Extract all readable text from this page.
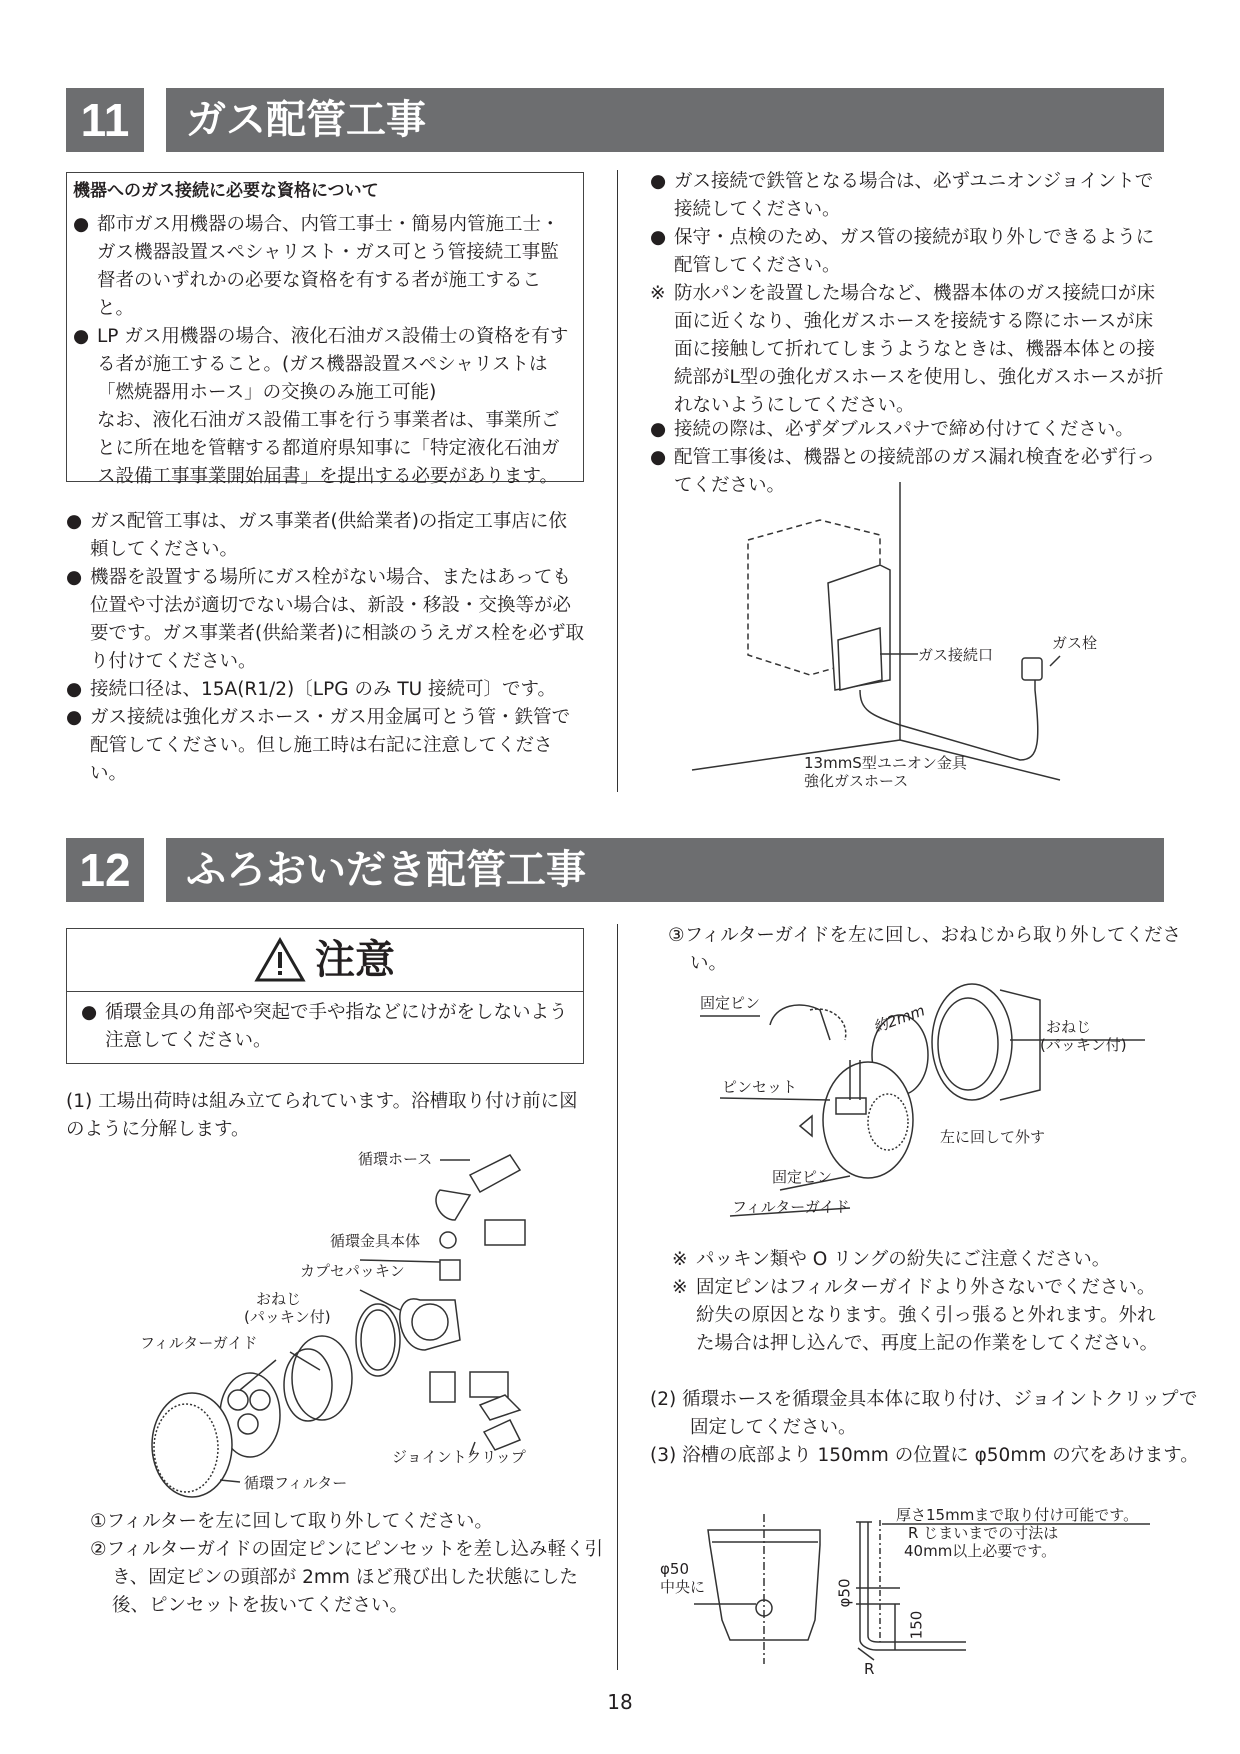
11	ガス配管工事
機器へのガス接続に必要な資格について
● 都市ガス用機器の場合、内管工事士・簡易内管施工士・ガス機器設置スペシャリスト・ガス可とう管接続工事監督者のいずれかの必要な資格を有する者が施工すること。
● LP ガス用機器の場合、液化石油ガス設備士の資格を有する者が施工すること。(ガス機器設置スペシャリストは「燃焼器用ホース」の交換のみ施工可能)
なお、液化石油ガス設備工事を行う事業者は、事業所ごとに所在地を管轄する都道府県知事に「特定液化石油ガス設備工事事業開始届書」を提出する必要があります。
● ガス配管工事は、ガス事業者(供給業者)の指定工事店に依頼してください。
● 機器を設置する場所にガス栓がない場合、またはあっても位置や寸法が適切でない場合は、新設・移設・交換等が必要です。ガス事業者(供給業者)に相談のうえガス栓を必ず取り付けてください。
● 接続口径は、15A(R1/2)〔LPG のみ TU 接続可〕です。
● ガス接続は強化ガスホース・ガス用金属可とう管・鉄管で配管してください。但し施工時は右記に注意してください。
● ガス接続で鉄管となる場合は、必ずユニオンジョイントで接続してください。
● 保守・点検のため、ガス管の接続が取り外しできるように配管してください。
※ 防水パンを設置した場合など、機器本体のガス接続口が床面に近くなり、強化ガスホースを接続する際にホースが床面に接触して折れてしまうようなときは、機器本体との接続部がL型の強化ガスホースを使用し、強化ガスホースが折れないようにしてください。
● 接続の際は、必ずダブルスパナで締め付けてください。
● 配管工事後は、機器との接続部のガス漏れ検査を必ず行ってください。
ガス接続口
ガス栓
13mmS型ユニオン金具
強化ガスホース
12	ふろおいだき配管工事
注意
● 循環金具の角部や突起で手や指などにけがをしないよう注意してください。
(1) 工場出荷時は組み立てられています。浴槽取り付け前に図のように分解します。
循環ホース
循環金具本体
カプセパッキン
おねじ
(パッキン付)
フィルターガイド
ジョイントクリップ
循環フィルター
①フィルターを左に回して取り外してください。
②フィルターガイドの固定ピンにピンセットを差し込み軽く引き、固定ピンの頭部が 2mm ほど飛び出した状態にした後、ピンセットを抜いてください。
③フィルターガイドを左に回し、おねじから取り外してください。
固定ピン	約2mm	おねじ
(パッキン付)
ピンセット
左に回して外す
固定ピン
フィルターガイド
※ パッキン類や O リングの紛失にご注意ください。
※ 固定ピンはフィルターガイドより外さないでください。紛失の原因となります。強く引っ張ると外れます。外れた場合は押し込んで、再度上記の作業をしてください。
(2) 循環ホースを循環金具本体に取り付け、ジョイントクリップで固定してください。
(3) 浴槽の底部より 150mm の位置に φ50mm の穴をあけます。
φ50
中央に
厚さ15mmまで取り付け可能です。
R じまいまでの寸法は
40mm以上必要です。
φ50
150
R
18
